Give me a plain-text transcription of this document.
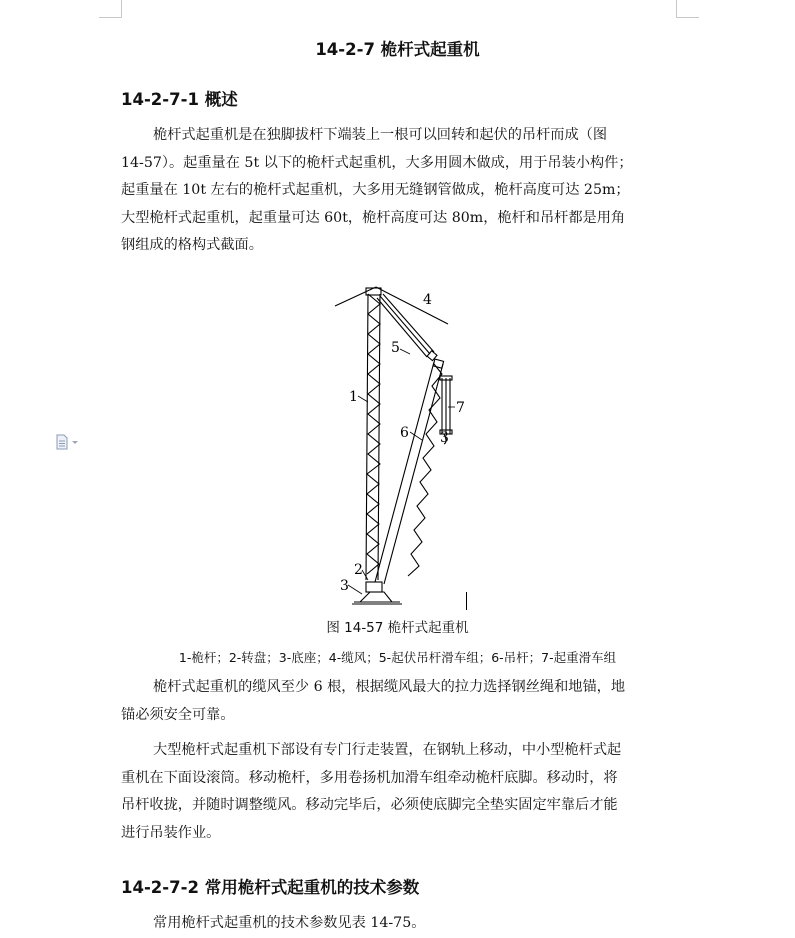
14-2-7 桅杆式起重机
14-2-7-1 概述
桅杆式起重机是在独脚拔杆下端装上一根可以回转和起伏的吊杆而成（图
14-57）。起重量在 5t 以下的桅杆式起重机，大多用圆木做成，用于吊装小构件；
起重量在 10t 左右的桅杆式起重机，大多用无缝钢管做成，桅杆高度可达 25m；
大型桅杆式起重机，起重量可达 60t，桅杆高度可达 80m，桅杆和吊杆都是用角
钢组成的格构式截面。
1
2
3
4
5
6
7
3
图 14-57 桅杆式起重机
1-桅杆；2-转盘；3-底座；4-缆风；5-起伏吊杆滑车组；6-吊杆；7-起重滑车组
桅杆式起重机的缆风至少 6 根，根据缆风最大的拉力选择钢丝绳和地锚，地
锚必须安全可靠。
大型桅杆式起重机下部设有专门行走装置，在钢轨上移动，中小型桅杆式起
重机在下面设滚筒。移动桅杆，多用卷扬机加滑车组牵动桅杆底脚。移动时，将
吊杆收拢，并随时调整缆风。移动完毕后，必须使底脚完全垫实固定牢靠后才能
进行吊装作业。
14-2-7-2 常用桅杆式起重机的技术参数
常用桅杆式起重机的技术参数见表 14-75。
